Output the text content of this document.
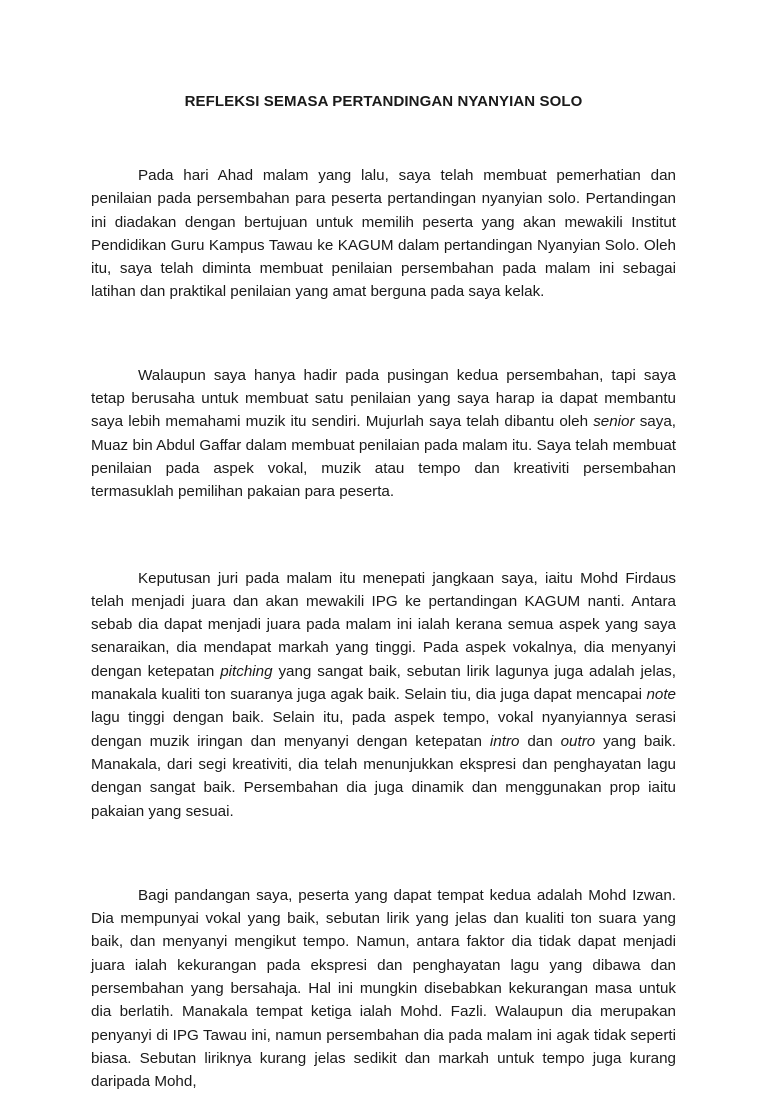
REFLEKSI SEMASA PERTANDINGAN NYANYIAN SOLO

Pada hari Ahad malam yang lalu, saya telah membuat pemerhatian dan penilaian pada persembahan para peserta pertandingan nyanyian solo. Pertandingan ini diadakan dengan bertujuan untuk memilih peserta yang akan mewakili Institut Pendidikan Guru Kampus Tawau ke KAGUM dalam pertandingan Nyanyian Solo. Oleh itu, saya telah diminta membuat penilaian persembahan pada malam ini sebagai latihan dan praktikal penilaian yang amat berguna pada saya kelak.

Walaupun saya hanya hadir pada pusingan kedua persembahan, tapi saya tetap berusaha untuk membuat satu penilaian yang saya harap ia dapat membantu saya lebih memahami muzik itu sendiri. Mujurlah saya telah dibantu oleh senior saya, Muaz bin Abdul Gaffar dalam membuat penilaian pada malam itu. Saya telah membuat penilaian pada aspek vokal, muzik atau tempo dan kreativiti persembahan termasuklah pemilihan pakaian para peserta.

Keputusan juri pada malam itu menepati jangkaan saya, iaitu Mohd Firdaus telah menjadi juara dan akan mewakili IPG ke pertandingan KAGUM nanti. Antara sebab dia dapat menjadi juara pada malam ini ialah kerana semua aspek yang saya senaraikan, dia mendapat markah yang tinggi. Pada aspek vokalnya, dia menyanyi dengan ketepatan pitching yang sangat baik, sebutan lirik lagunya juga adalah jelas, manakala kualiti ton suaranya juga agak baik. Selain tiu, dia juga dapat mencapai note lagu tinggi dengan baik. Selain itu, pada aspek tempo, vokal nyanyiannya serasi dengan muzik iringan dan menyanyi dengan ketepatan intro dan outro yang baik. Manakala, dari segi kreativiti, dia telah menunjukkan ekspresi dan penghayatan lagu dengan sangat baik. Persembahan dia juga dinamik dan menggunakan prop iaitu pakaian yang sesuai.

Bagi pandangan saya, peserta yang dapat tempat kedua adalah Mohd Izwan. Dia mempunyai vokal yang baik, sebutan lirik yang jelas dan kualiti ton suara yang baik, dan menyanyi mengikut tempo. Namun, antara faktor dia tidak dapat menjadi juara ialah kekurangan pada ekspresi dan penghayatan lagu yang dibawa dan persembahan yang bersahaja. Hal ini mungkin disebabkan kekurangan masa untuk dia berlatih. Manakala tempat ketiga ialah Mohd. Fazli. Walaupun dia merupakan penyanyi di IPG Tawau ini, namun persembahan dia pada malam ini agak tidak seperti biasa. Sebutan liriknya kurang jelas sedikit dan markah untuk tempo juga kurang daripada Mohd,
